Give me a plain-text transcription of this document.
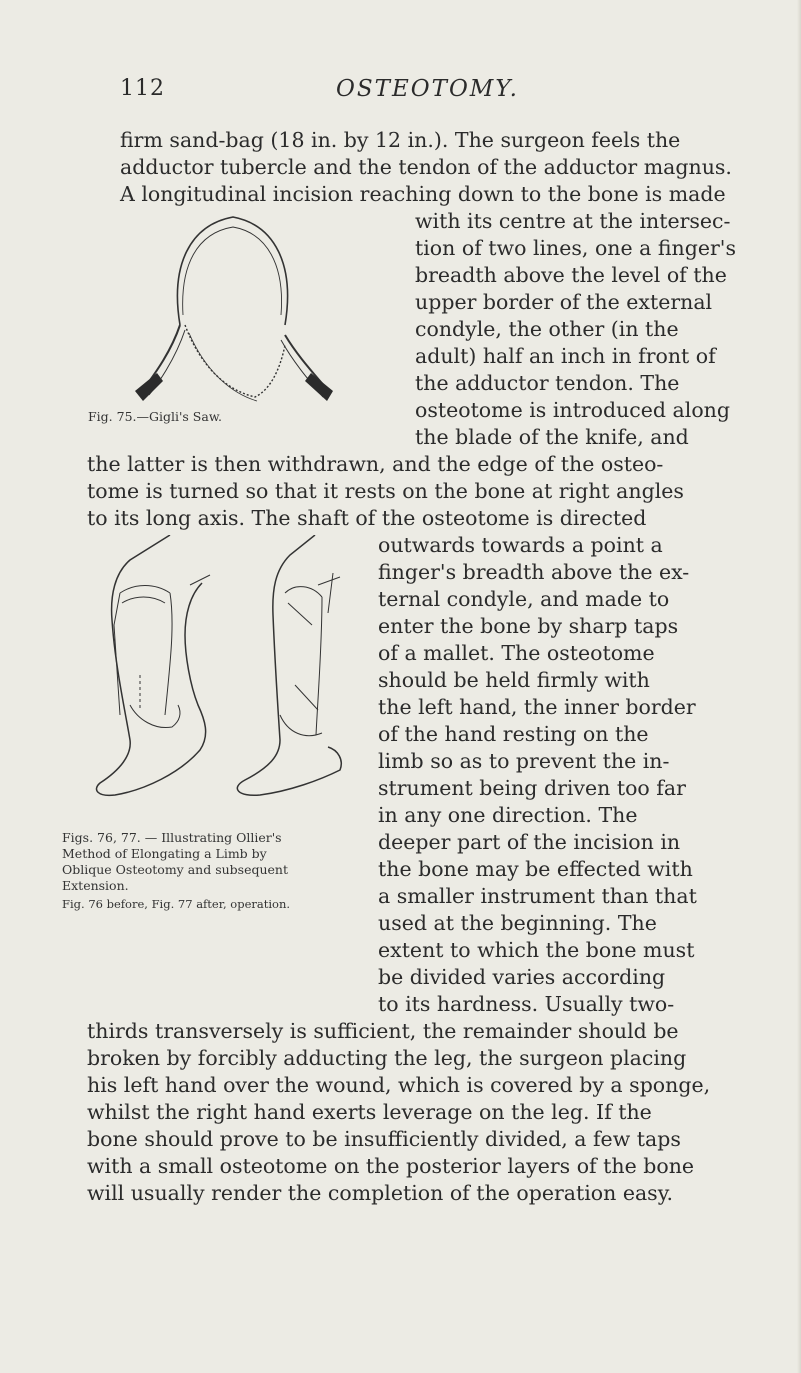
112	OSTEOTOMY.
firm sand-bag (18 in. by 12 in.). The surgeon feels the
adductor tubercle and the tendon of the adductor magnus.
A longitudinal incision reaching down to the bone is made
Fig. 75.—Gigli's Saw.
with its centre at the intersec-
tion of two lines, one a finger's
breadth above the level of the
upper border of the external
condyle, the other (in the
adult) half an inch in front of
the adductor tendon. The
osteotome is introduced along
the blade of the knife, and
the latter is then withdrawn, and the edge of the osteo-
tome is turned so that it rests on the bone at right angles
to its long axis. The shaft of the osteotome is directed
Figs. 76, 77. — Illustrating Ollier's
Method of Elongating a Limb by
Oblique Osteotomy and subsequent
Extension.
Fig. 76 before, Fig. 77 after, operation.
outwards towards a point a
finger's breadth above the ex-
ternal condyle, and made to
enter the bone by sharp taps
of a mallet. The osteotome
should be held firmly with
the left hand, the inner border
of the hand resting on the
limb so as to prevent the in-
strument being driven too far
in any one direction. The
deeper part of the incision in
the bone may be effected with
a smaller instrument than that
used at the beginning. The
extent to which the bone must
be divided varies according
to its hardness. Usually two-
thirds transversely is sufficient, the remainder should be
broken by forcibly adducting the leg, the surgeon placing
his left hand over the wound, which is covered by a sponge,
whilst the right hand exerts leverage on the leg. If the
bone should prove to be insufficiently divided, a few taps
with a small osteotome on the posterior layers of the bone
will usually render the completion of the operation easy.
